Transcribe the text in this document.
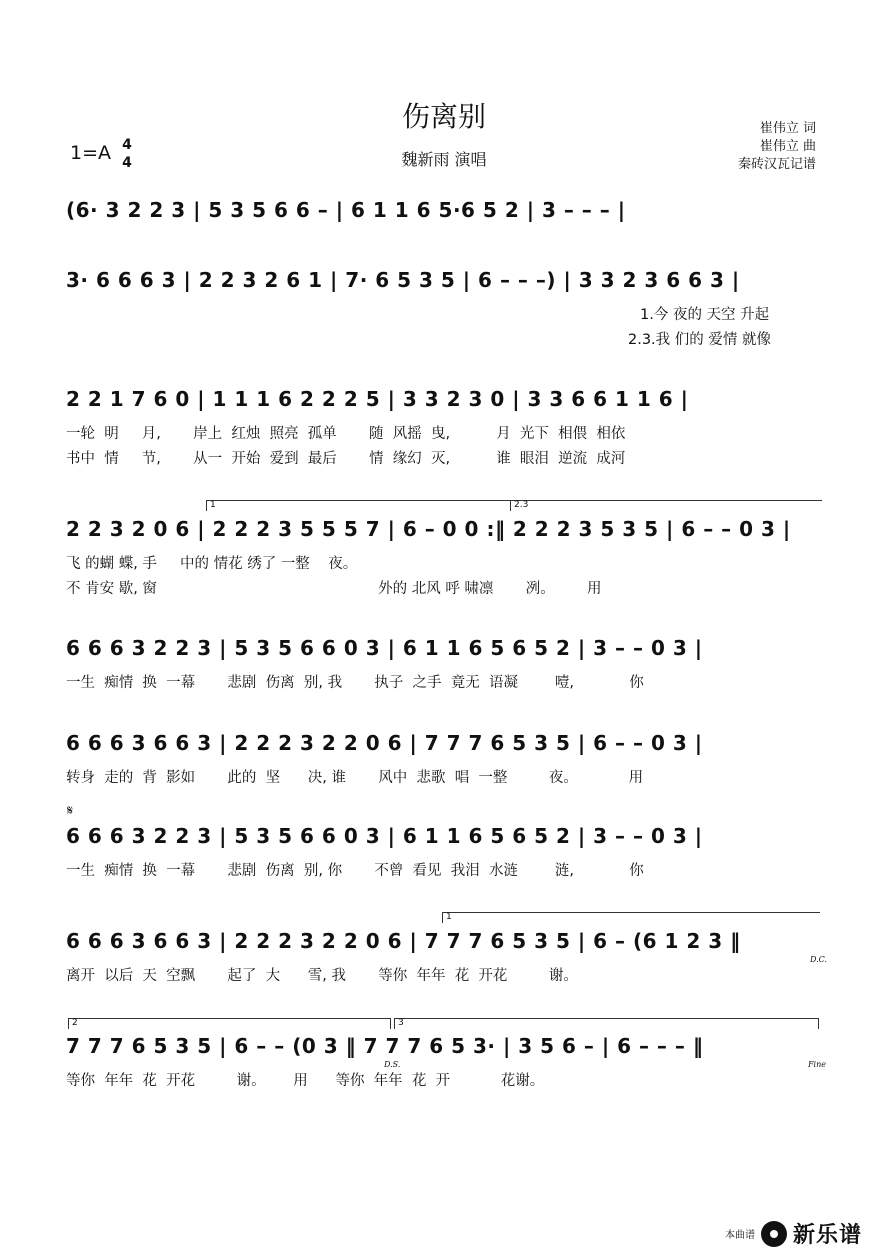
伤离别
1=A 4
4	魏新雨 演唱
崔伟立 词
崔伟立 曲
秦砖汉瓦记谱
(6· 3 2 2 3 | 5 3 5 6 6 – | 6 1 1 6 5·6 5 2 | 3 – – – |
3· 6 6 6 3 | 2 2 3 2 6 1 | 7· 6 5 3 5 | 6 – – –) | 3 3 2 3 6 6 3 |
1.今 夜的 天空 升起
2.3.我 们的 爱情 就像
2 2 1 7 6 0 | 1 1 1 6 2 2 2 5 | 3 3 2 3 0 | 3 3 6 6 1 1 6 |
一轮  明     月,       岸上  红烛  照亮  孤单       随  风摇  曳,          月  光下  相偎  相依
书中  情     节,       从一  开始  爱到  最后       情  缘幻  灭,          谁  眼泪  逆流  成河
1	2.3
2 2 3 2 0 6 | 2 2 2 3 5 5 5 7 | 6 – 0 0 :‖ 2 2 2 3 5 3 5 | 6 – – 0 3 |
飞 的蝴 蝶, 手     中的 情花 绣了 一整    夜。
不 肯安 歇, 窗                                                外的 北风 呼 啸凛       冽。       用
6 6 6 3 2 2 3 | 5 3 5 6 6 0 3 | 6 1 1 6 5 6 5 2 | 3 – – 0 3 |
一生  痴情  换  一幕       悲剧  伤离  别, 我       执子  之手  竟无  语凝        噎,            你
6 6 6 3 6 6 3 | 2 2 2 3 2 2 0 6 | 7 7 7 6 5 3 5 | 6 – – 0 3 |
转身  走的  背  影如       此的  坚      决, 谁       风中  悲歌  唱  一整         夜。           用
𝄋
6 6 6 3 2 2 3 | 5 3 5 6 6 0 3 | 6 1 1 6 5 6 5 2 | 3 – – 0 3 |
一生  痴情  换  一幕       悲剧  伤离  别, 你       不曾  看见  我泪  水涟        涟,            你
1
6 6 6 3 6 6 3 | 2 2 2 3 2 2 0 6 | 7 7 7 6 5 3 5 | 6 – (6 1 2 3 ‖
D.C.
离开  以后  天  空飘       起了  大      雪, 我       等你  年年  花  开花         谢。
2	3
7 7 7 6 5 3 5 | 6 – – (0 3 ‖ 7 7 7 6 5 3· | 3 5 6 – | 6 – – – ‖
D.S.	Fine
等你  年年  花  开花         谢。      用      等你  年年  花  开           花谢。
本曲谱 新乐谱
